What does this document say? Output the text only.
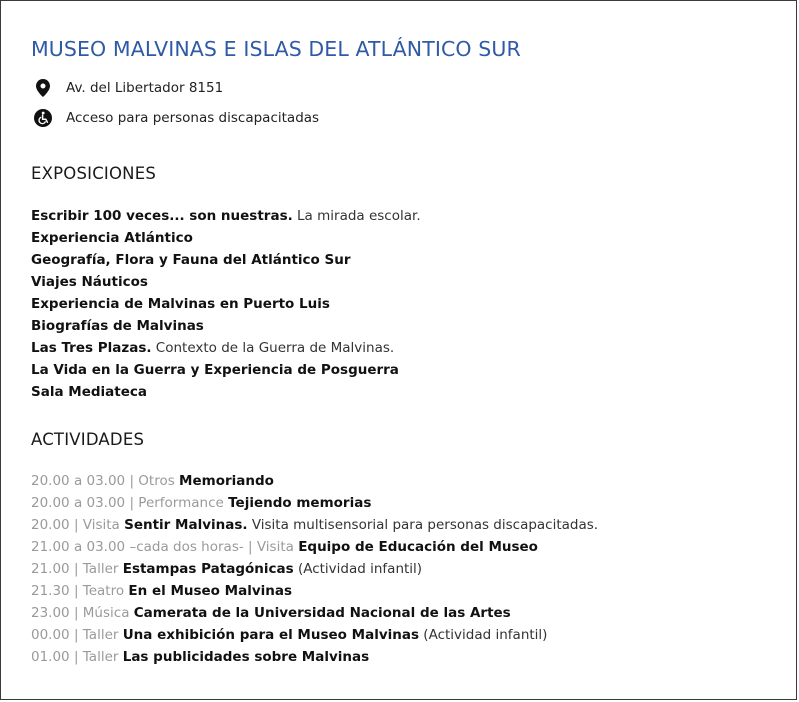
MUSEO MALVINAS E ISLAS DEL ATLÁNTICO SUR
Av. del Libertador 8151
Acceso para personas discapacitadas
EXPOSICIONES
Escribir 100 veces... son nuestras. La mirada escolar.
Experiencia Atlántico
Geografía, Flora y Fauna del Atlántico Sur
Viajes Náuticos
Experiencia de Malvinas en Puerto Luis
Biografías de Malvinas
Las Tres Plazas. Contexto de la Guerra de Malvinas.
La Vida en la Guerra y Experiencia de Posguerra
Sala Mediateca
ACTIVIDADES
20.00 a 03.00 | Otros Memoriando
20.00 a 03.00 | Performance Tejiendo memorias
20.00 | Visita Sentir Malvinas. Visita multisensorial para personas discapacitadas.
21.00 a 03.00 –cada dos horas- | Visita Equipo de Educación del Museo
21.00 | Taller Estampas Patagónicas (Actividad infantil)
21.30 | Teatro En el Museo Malvinas
23.00 | Música Camerata de la Universidad Nacional de las Artes
00.00 | Taller Una exhibición para el Museo Malvinas (Actividad infantil)
01.00 | Taller Las publicidades sobre Malvinas
